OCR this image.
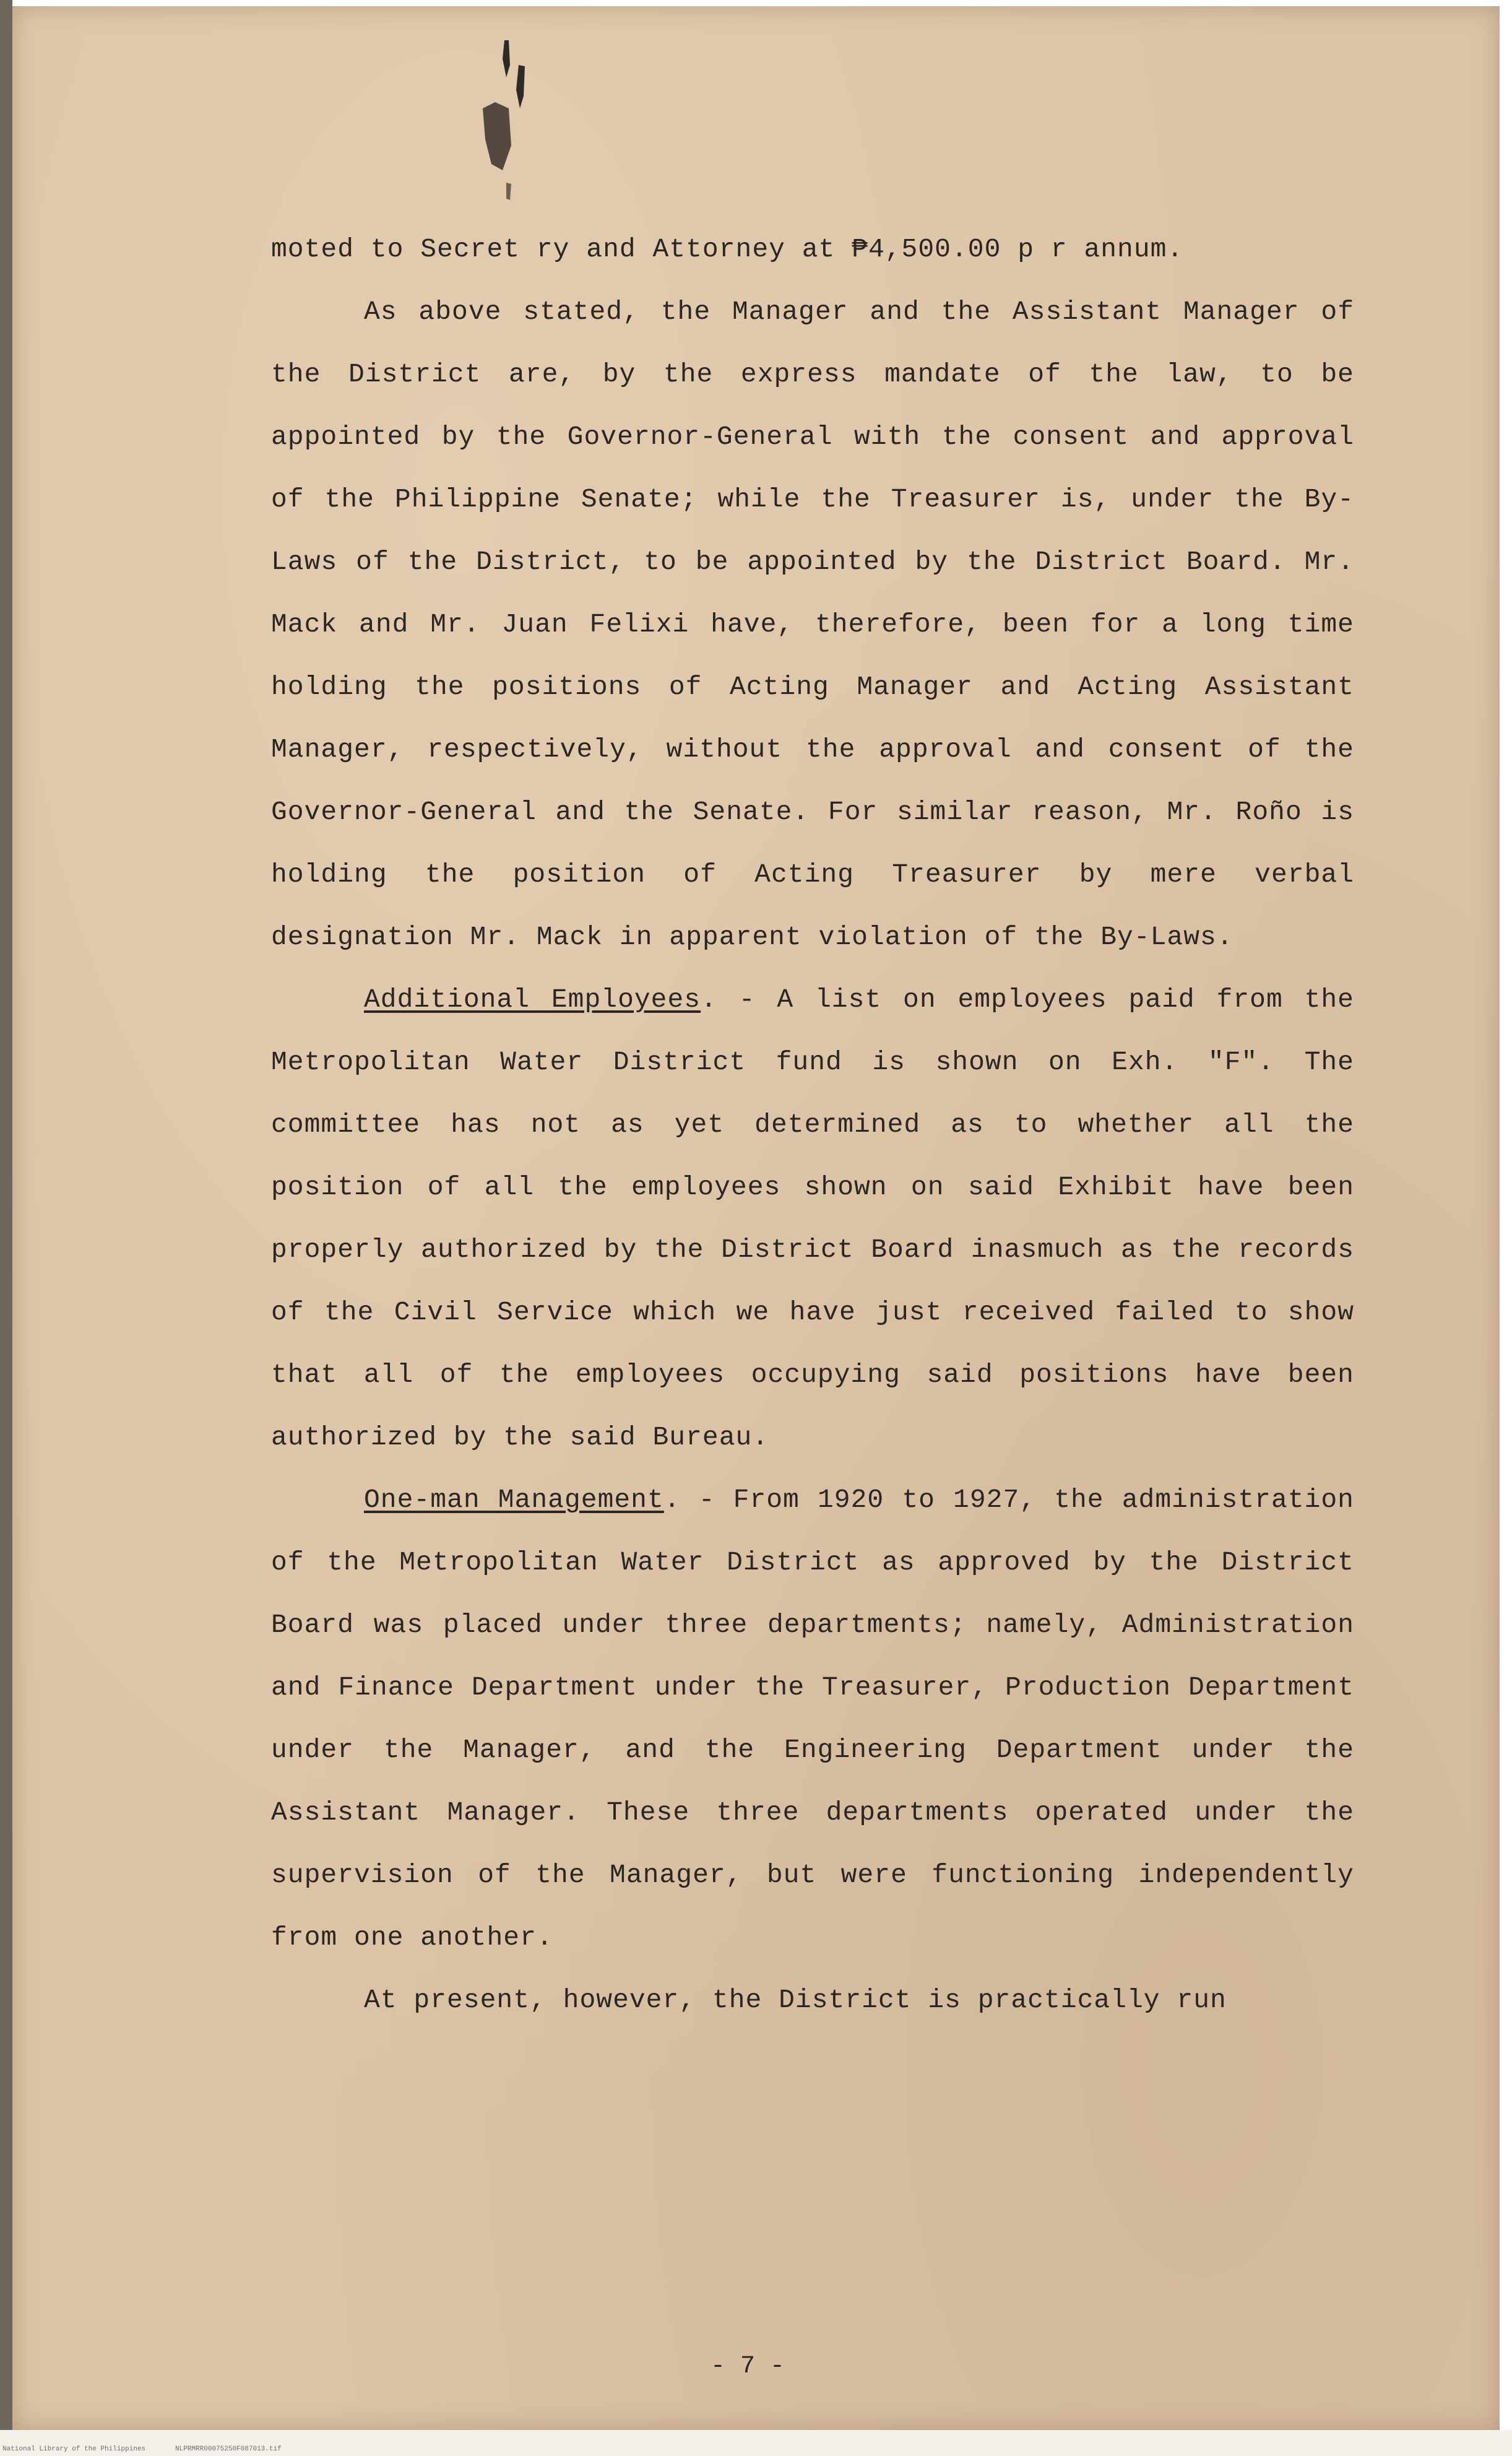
moted to Secret ry and Attorney at ₱4,500.00 p r annum.

As above stated, the Manager and the Assistant Manager of the District are, by the express mandate of the law, to be appointed by the Governor-General with the consent and approval of the Philippine Senate; while the Treasurer is, under the By-Laws of the District, to be appointed by the District Board. Mr. Mack and Mr. Juan Felixi have, therefore, been for a long time holding the positions of Acting Manager and Acting Assistant Manager, respectively, without the approval and consent of the Governor-General and the Senate. For similar reason, Mr. Roño is holding the position of Acting Treasurer by mere verbal designation Mr. Mack in apparent violation of the By-Laws.

Additional Employees. - A list on employees paid from the Metropolitan Water District fund is shown on Exh. "F". The committee has not as yet determined as to whether all the position of all the employees shown on said Exhibit have been properly authorized by the District Board inasmuch as the records of the Civil Service which we have just received failed to show that all of the employees occupying said positions have been authorized by the said Bureau.

One-man Management. - From 1920 to 1927, the administration of the Metropolitan Water District as approved by the District Board was placed under three departments; namely, Administration and Finance Department under the Treasurer, Production Department under the Manager, and the Engineering Department under the Assistant Manager. These three departments operated under the supervision of the Manager, but were functioning independently from one another.

At present, however, the District is practically run

- 7 -
National Library of the Philippines	NLPRMRR00075250F087013.tif
